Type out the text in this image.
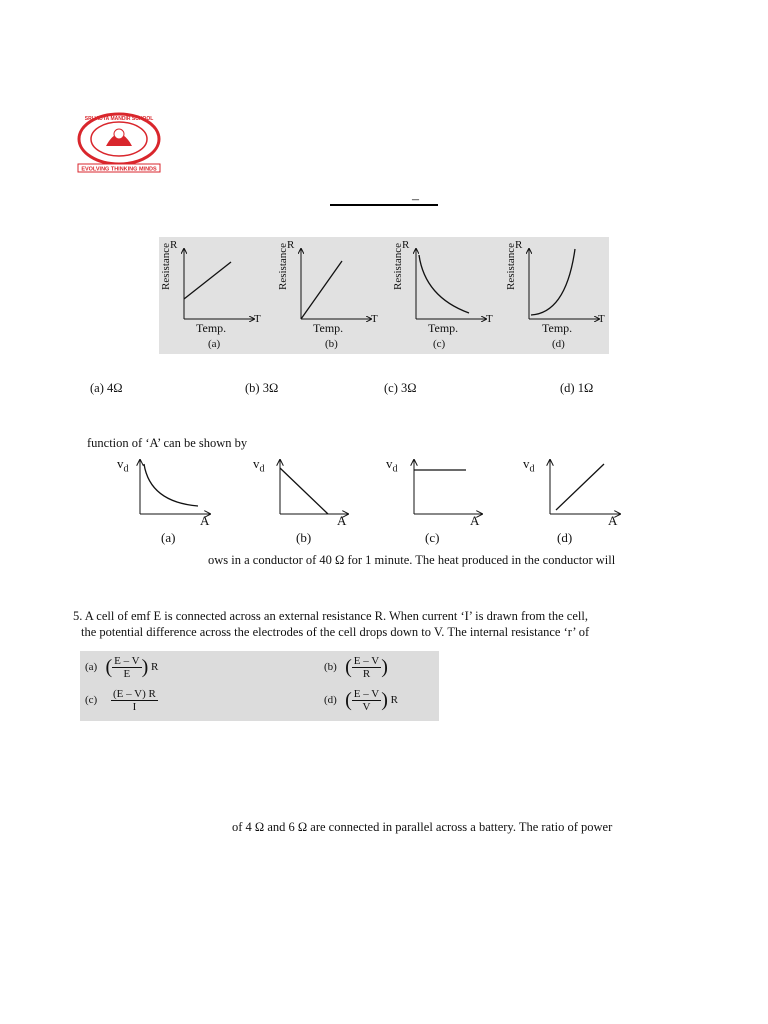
SRI VIDYA MANDIR SCHOOL
EVOLVING THINKING MINDS
–
R
Resistance
Temp.
T
(a)
R
Resistance
Temp.
T
(b)
R
Resistance
Temp.
T
(c)
R
Resistance
Temp.
T
(d)
(a) 4Ω	(b) 3Ω	(c) 3Ω	(d) 1Ω
function of ‘A’ can be shown by
$v_d$
A
(a)
$v_d$
A
(b)
$v_d$
A
(c)
$v_d$
A
(d)
ows in a conductor of 40 Ω for 1 minute. The heat produced in the conductor will
5. A cell of emf E is connected across an external resistance R. When current ‘I’ is drawn from the cell,
the potential difference across the electrodes of the cell drops down to V. The internal resistance ‘r’ of
(a) ( $\frac{E - V}{E}$ ) R	(b) ( $\frac{E - V}{R}$ )
$(c) \frac{(E - V) R}{I}$	(d) ( $\frac{E - V}{V}$ ) R
of 4 Ω and 6 Ω are connected in parallel across a battery. The ratio of power
